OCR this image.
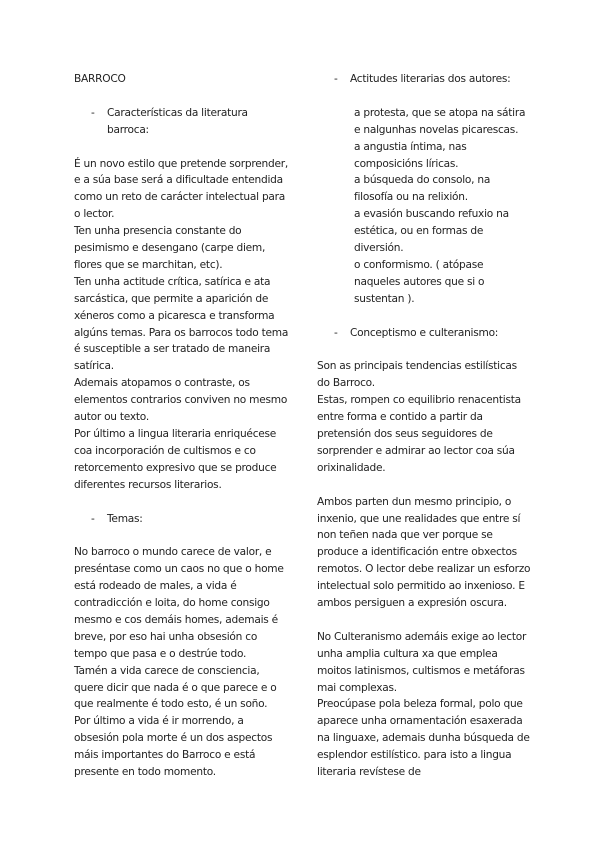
BARROCO

- Características da literatura barroca:

É un novo estilo que pretende sorprender, e a súa base será a dificultade entendida como un reto de carácter intelectual para o lector.

Ten unha presencia constante do pesimismo e desengano (carpe diem, flores que se marchitan, etc).

Ten unha actitude crítica, satírica e ata sarcástica, que permite a aparición de xéneros como a picaresca e transforma algúns temas. Para os barrocos todo tema é susceptible a ser tratado de maneira satírica.

Ademais atopamos o contraste, os elementos contrarios conviven no mesmo autor ou texto.

Por último a lingua literaria enriquécese coa incorporación de cultismos e co retorcemento expresivo que se produce diferentes recursos literarios.

- Temas:

No barroco o mundo carece de valor, e preséntase como un caos no que o home está rodeado de males, a vida é contradicción e loita, do home consigo mesmo e cos demáis homes, ademais é breve, por eso hai unha obsesión co tempo que pasa e o destrúe todo.

Tamén a vida carece de consciencia, quere dicir que nada é o que parece e o que realmente é todo esto, é un soño.

Por último a vida é ir morrendo, a obsesión pola morte é un dos aspectos máis importantes do Barroco e está presente en todo momento.

- Actitudes literarias dos autores:

a protesta, que se atopa na sátira e nalgunhas novelas picarescas.

a angustia íntima, nas composicións líricas.

a búsqueda do consolo, na filosofía ou na relixión.

a evasión buscando refuxio na estética, ou en formas de diversión.

o conformismo. ( atópase naqueles autores que si o sustentan ).

- Conceptismo e culteranismo:

Son as principais tendencias estilísticas do Barroco.

Estas, rompen co equilibrio renacentista entre forma e contido a partir da pretensión dos seus seguidores de sorprender e admirar ao lector coa súa orixinalidade.

Ambos parten dun mesmo principio, o inxenio, que une realidades que entre sí non teñen nada que ver porque se produce a identificación entre obxectos remotos. O lector debe realizar un esforzo intelectual solo permitido ao inxenioso. E ambos persiguen a expresión oscura.

No Culteranismo ademáis exige ao lector unha amplia cultura xa que emplea moitos latinismos, cultismos e metáforas mai complexas.

Preocúpase pola beleza formal, polo que aparece unha ornamentación esaxerada na linguaxe, ademais dunha búsqueda de esplendor estilístico. para isto a lingua literaria revístese de
